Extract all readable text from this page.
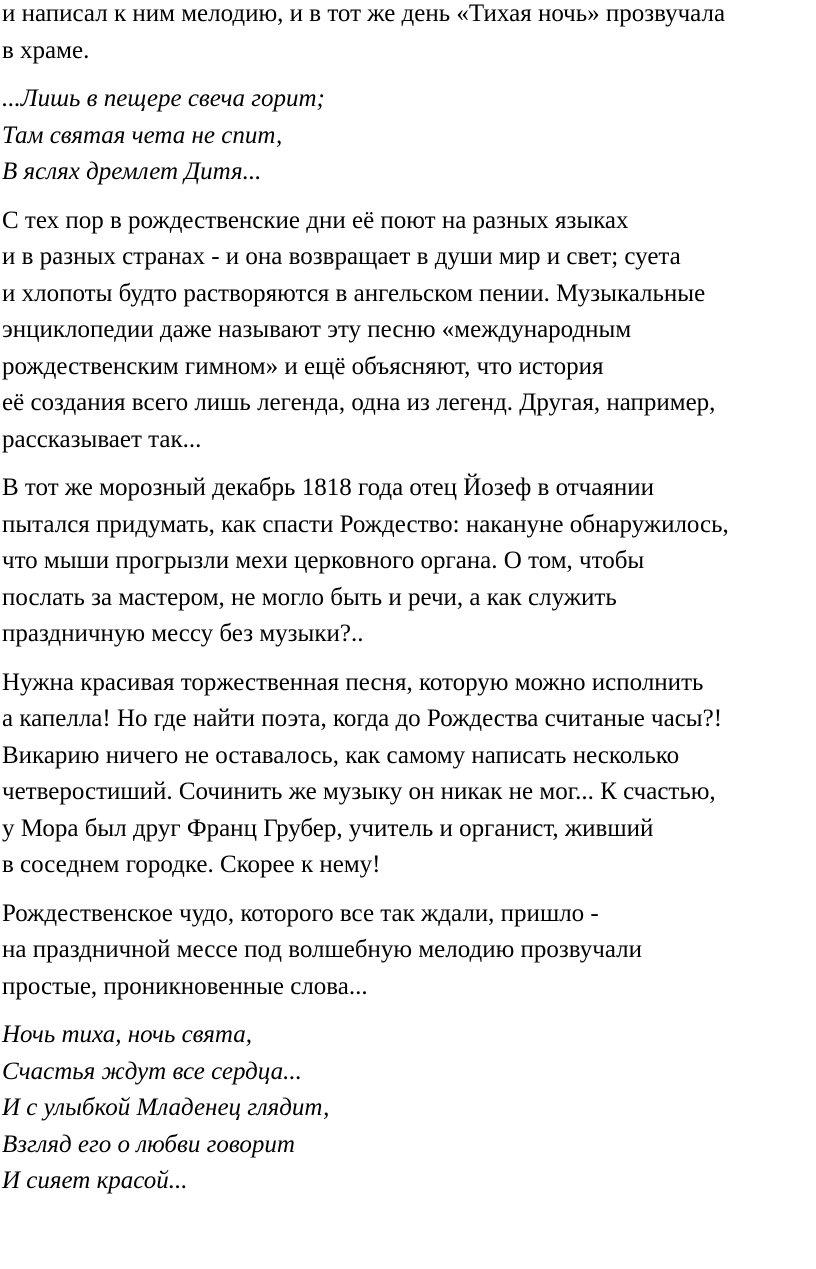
и написал к ним мелодию, и в тот же день «Тихая ночь» прозвучала
в храме.
...Лишь в пещере свеча горит;
Там святая чета не спит,
В яслях дремлет Дитя...
С тех пор в рождественские дни её поют на разных языках
и в разных странах - и она возвращает в души мир и свет; суета
и хлопоты будто растворяются в ангельском пении. Музыкальные
энциклопедии даже называют эту песню «международным
рождественским гимном» и ещё объясняют, что история
её создания всего лишь легенда, одна из легенд. Другая, например,
рассказывает так...
В тот же морозный декабрь 1818 года отец Йозеф в отчаянии
пытался придумать, как спасти Рождество: накануне обнаружилось,
что мыши прогрызли мехи церковного органа. О том, чтобы
послать за мастером, не могло быть и речи, а как служить
праздничную мессу без музыки?..
Нужна красивая торжественная песня, которую можно исполнить
а капелла! Но где найти поэта, когда до Рождества считаные часы?!
Викарию ничего не оставалось, как самому написать несколько
четверостиший. Сочинить же музыку он никак не мог... К счастью,
у Мора был друг Франц Грубер, учитель и органист, живший
в соседнем городке. Скорее к нему!
Рождественское чудо, которого все так ждали, пришло -
на праздничной мессе под волшебную мелодию прозвучали
простые, проникновенные слова...
Ночь тиха, ночь свята,
Счастья ждут все сердца...
И с улыбкой Младенец глядит,
Взгляд его о любви говорит
И сияет красой...
